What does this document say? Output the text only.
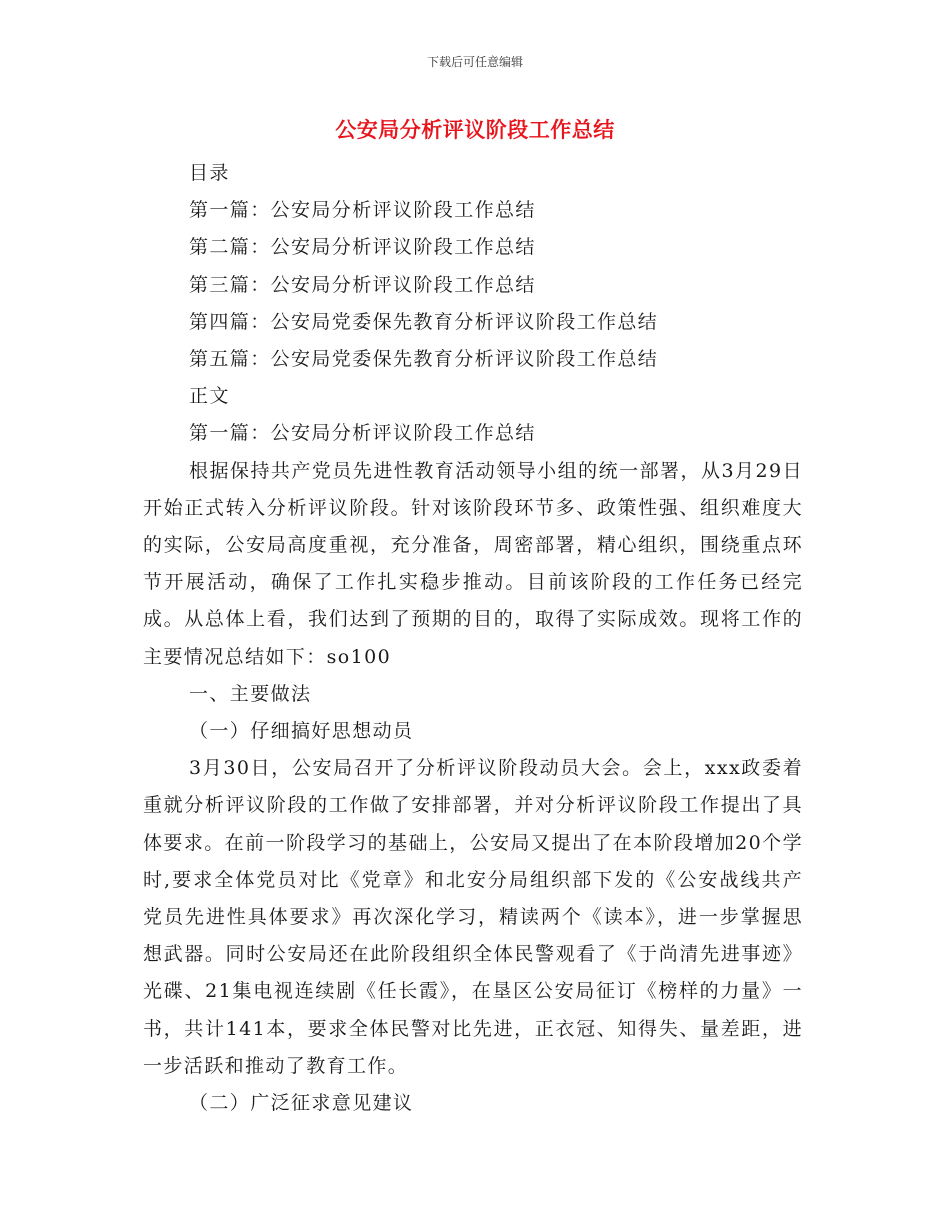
下载后可任意编辑
公安局分析评议阶段工作总结

目录

第一篇：公安局分析评议阶段工作总结

第二篇：公安局分析评议阶段工作总结

第三篇：公安局分析评议阶段工作总结

第四篇：公安局党委保先教育分析评议阶段工作总结

第五篇：公安局党委保先教育分析评议阶段工作总结

正文

第一篇：公安局分析评议阶段工作总结

根据保持共产党员先进性教育活动领导小组的统一部署，从3月29日开始正式转入分析评议阶段。针对该阶段环节多、政策性强、组织难度大的实际，公安局高度重视，充分准备，周密部署，精心组织，围绕重点环节开展活动，确保了工作扎实稳步推动。目前该阶段的工作任务已经完成。从总体上看，我们达到了预期的目的，取得了实际成效。现将工作的主要情况总结如下：so100

一、主要做法

（一）仔细搞好思想动员

3月30日，公安局召开了分析评议阶段动员大会。会上，xxx政委着重就分析评议阶段的工作做了安排部署，并对分析评议阶段工作提出了具体要求。在前一阶段学习的基础上，公安局又提出了在本阶段增加20个学时,要求全体党员对比《党章》和北安分局组织部下发的《公安战线共产党员先进性具体要求》再次深化学习，精读两个《读本》，进一步掌握思想武器。同时公安局还在此阶段组织全体民警观看了《于尚清先进事迹》光碟、21集电视连续剧《任长霞》，在垦区公安局征订《榜样的力量》一书，共计141本，要求全体民警对比先进，正衣冠、知得失、量差距，进一步活跃和推动了教育工作。

（二）广泛征求意见建议
